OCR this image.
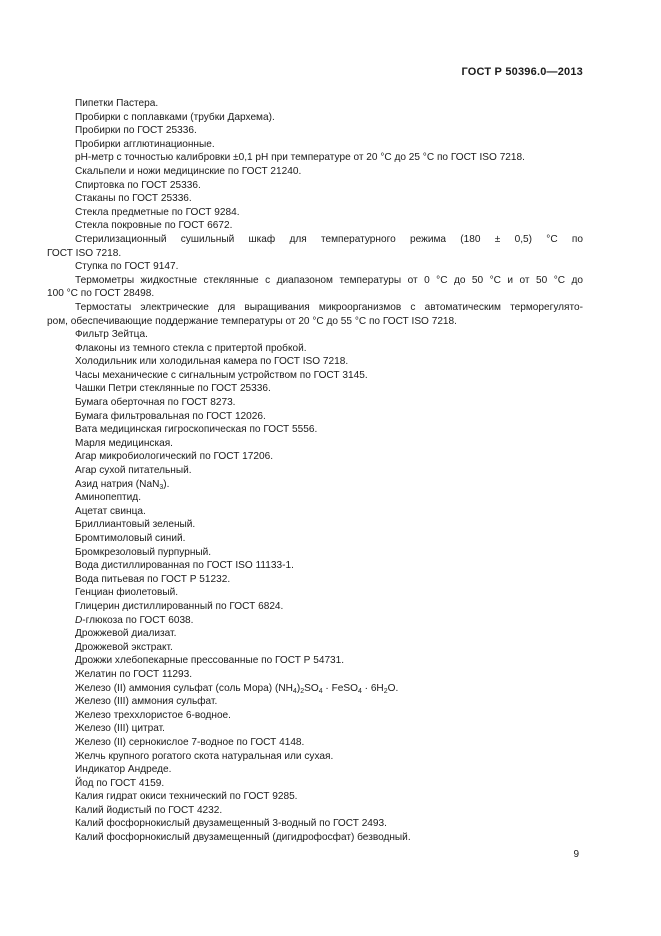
ГОСТ Р 50396.0—2013
Пипетки Пастера.
Пробирки с поплавками (трубки Дархема).
Пробирки по ГОСТ 25336.
Пробирки агглютинационные.
рН-метр с точностью калибровки ±0,1 рН при температуре от 20 °С до 25 °С по ГОСТ ISO 7218.
Скальпели и ножи медицинские по ГОСТ 21240.
Спиртовка по ГОСТ 25336.
Стаканы по ГОСТ 25336.
Стекла предметные по ГОСТ 9284.
Стекла покровные по ГОСТ 6672.
Стерилизационный сушильный шкаф для температурного режима (180 ± 0,5) °С по
ГОСТ ISO 7218.
Ступка по ГОСТ 9147.
Термометры жидкостные стеклянные с диапазоном температуры от 0 °С до 50 °С и от 50 °С до
100 °С по ГОСТ 28498.
Термостаты электрические для выращивания микроорганизмов с автоматическим терморегулято-
ром, обеспечивающие поддержание температуры от 20 °С до 55 °С по ГОСТ ISO 7218.
Фильтр Зейтца.
Флаконы из темного стекла с притертой пробкой.
Холодильник или холодильная камера по ГОСТ ISO 7218.
Часы механические с сигнальным устройством по ГОСТ 3145.
Чашки Петри стеклянные по ГОСТ 25336.
Бумага оберточная по ГОСТ 8273.
Бумага фильтровальная по ГОСТ 12026.
Вата медицинская гигроскопическая по ГОСТ 5556.
Марля медицинская.
Агар микробиологический по ГОСТ 17206.
Агар сухой питательный.
Азид натрия (NaN$_3$).
Аминопептид.
Ацетат свинца.
Бриллиантовый зеленый.
Бромтимоловый синий.
Бромкрезоловый пурпурный.
Вода дистиллированная по ГОСТ ISO 11133-1.
Вода питьевая по ГОСТ Р 51232.
Генциан фиолетовый.
Глицерин дистиллированный по ГОСТ 6824.
D-глюкоза по ГОСТ 6038.
Дрожжевой диализат.
Дрожжевой экстракт.
Дрожжи хлебопекарные прессованные по ГОСТ Р 54731.
Желатин по ГОСТ 11293.
Железо (II) аммония сульфат (соль Мора) $(NH_4)_2SO_4$ · FeSO$_4$ · $6H_2O$.
Железо (III) аммония сульфат.
Железо треххлористое 6-водное.
Железо (III) цитрат.
Железо (II) сернокислое 7-водное по ГОСТ 4148.
Желчь крупного рогатого скота натуральная или сухая.
Индикатор Андреде.
Йод по ГОСТ 4159.
Калия гидрат окиси технический по ГОСТ 9285.
Калий йодистый по ГОСТ 4232.
Калий фосфорнокислый двузамещенный 3-водный по ГОСТ 2493.
Калий фосфорнокислый двузамещенный (дигидрофосфат) безводный.
9
